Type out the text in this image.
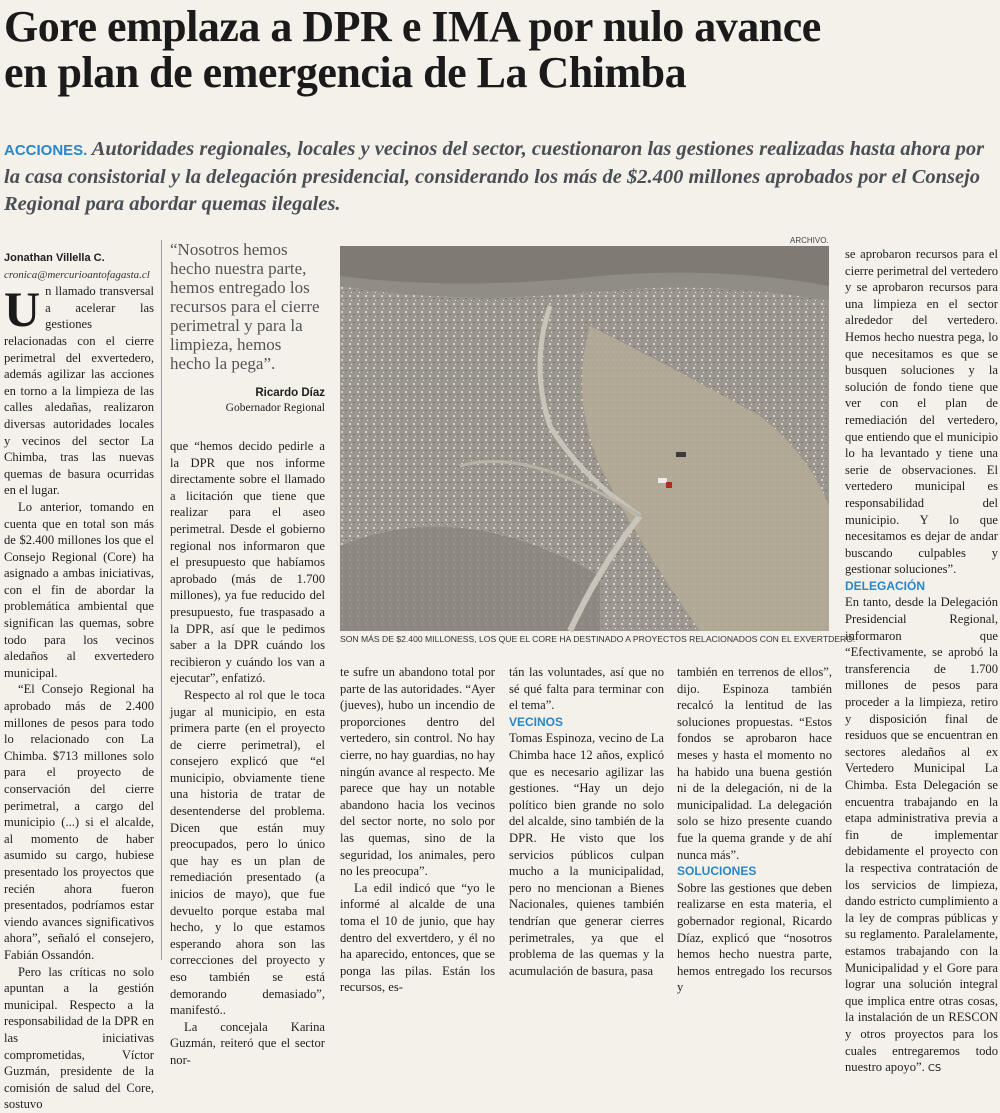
Gore emplaza a DPR e IMA por nulo avance
en plan de emergencia de La Chimba
ACCIONES. Autoridades regionales, locales y vecinos del sector, cuestionaron las gestiones realizadas hasta ahora por la casa consistorial y la delegación presidencial, considerando los más de $2.400 millones aprobados por el Consejo Regional para abordar quemas ilegales.

Jonathan Villella C.

cronica@mercurioantofagasta.cl

Un llamado transversal a acelerar las gestiones relacionadas con el cierre perimetral del exvertedero, además agilizar las acciones en torno a la limpieza de las calles aledañas, realizaron diversas autoridades locales y vecinos del sector La Chimba, tras las nuevas quemas de basura ocurridas en el lugar.

Lo anterior, tomando en cuenta que en total son más de $2.400 millones los que el Consejo Regional (Core) ha asignado a ambas iniciativas, con el fin de abordar la problemática ambiental que significan las quemas, sobre todo para los vecinos aledaños al exvertedero municipal.

“El Consejo Regional ha aprobado más de 2.400 millones de pesos para todo lo relacionado con La Chimba. $713 millones solo para el proyecto de conservación del cierre perimetral, a cargo del municipio (...) si el alcalde, al momento de haber asumido su cargo, hubiese presentado los proyectos que recién ahora fueron presentados, podríamos estar viendo avances significativos ahora”, señaló el consejero, Fabián Ossandón.

Pero las críticas no solo apuntan a la gestión municipal. Respecto a la responsabilidad de la DPR en las iniciativas comprometidas, Víctor Guzmán, presidente de la comisión de salud del Core, sostuvo

“Nosotros hemos hecho nuestra parte, hemos entregado los recursos para el cierre perimetral y para la limpieza, hemos hecho la pega”.
Ricardo Díaz
Gobernador Regional

que “hemos decido pedirle a la DPR que nos informe directamente sobre el llamado a licitación que tiene que realizar para el aseo perimetral. Desde el gobierno regional nos informaron que el presupuesto que habíamos aprobado (más de 1.700 millones), ya fue reducido del presupuesto, fue traspasado a la DPR, así que le pedimos saber a la DPR cuándo los recibieron y cuándo los van a ejecutar”, enfatizó.

Respecto al rol que le toca jugar al municipio, en esta primera parte (en el proyecto de cierre perimetral), el consejero explicó que “el municipio, obviamente tiene una historia de tratar de desentenderse del problema. Dicen que están muy preocupados, pero lo único que hay es un plan de remediación presentado (a inicios de mayo), que fue devuelto porque estaba mal hecho, y lo que estamos esperando ahora son las correcciones del proyecto y eso también se está demorando demasiado”, manifestó..

La concejala Karina Guzmán, reiteró que el sector nor-

ARCHIVO.
SON MÁS DE $2.400 MILLONESS, LOS QUE EL CORE HA DESTINADO A PROYECTOS RELACIONADOS CON EL EXVERTDERO.

te sufre un abandono total por parte de las autoridades. “Ayer (jueves), hubo un incendio de proporciones dentro del vertedero, sin control. No hay cierre, no hay guardias, no hay ningún avance al respecto. Me parece que hay un notable abandono hacia los vecinos del sector norte, no solo por las quemas, sino de la seguridad, los animales, pero no les preocupa”.

La edil indicó que “yo le informé al alcalde de una toma el 10 de junio, que hay dentro del exvertdero, y él no ha aparecido, entonces, que se ponga las pilas. Están los recursos, es-

tán las voluntades, así que no sé qué falta para terminar con el tema”.

VECINOS

Tomas Espinoza, vecino de La Chimba hace 12 años, explicó que es necesario agilizar las gestiones. “Hay un dejo político bien grande no solo del alcalde, sino también de la DPR. He visto que los servicios públicos culpan mucho a la municipalidad, pero no mencionan a Bienes Nacionales, quienes también tendrían que generar cierres perimetrales, ya que el problema de las quemas y la acumulación de basura, pasa

también en terrenos de ellos”, dijo. Espinoza también recalcó la lentitud de las soluciones propuestas. “Estos fondos se aprobaron hace meses y hasta el momento no ha habido una buena gestión ni de la delegación, ni de la municipalidad. La delegación solo se hizo presente cuando fue la quema grande y de ahí nunca más”.

SOLUCIONES

Sobre las gestiones que deben realizarse en esta materia, el gobernador regional, Ricardo Díaz, explicó que “nosotros hemos hecho nuestra parte, hemos entregado los recursos y

se aprobaron recursos para el cierre perimetral del vertedero y se aprobaron recursos para una limpieza en el sector alrededor del vertedero. Hemos hecho nuestra pega, lo que necesitamos es que se busquen soluciones y la solución de fondo tiene que ver con el plan de remediación del vertedero, que entiendo que el municipio lo ha levantado y tiene una serie de observaciones. El vertedero municipal es responsabilidad del municipio. Y lo que necesitamos es dejar de andar buscando culpables y gestionar soluciones”.

DELEGACIÓN

En tanto, desde la Delegación Presidencial Regional, informaron que “Efectivamente, se aprobó la transferencia de 1.700 millones de pesos para proceder a la limpieza, retiro y disposición final de residuos que se encuentran en sectores aledaños al ex Vertedero Municipal La Chimba. Esta Delegación se encuentra trabajando en la etapa administrativa previa a fin de implementar debidamente el proyecto con la respectiva contratación de los servicios de limpieza, dando estricto cumplimiento a la ley de compras públicas y su reglamento. Paralelamente, estamos trabajando con la Municipalidad y el Gore para lograr una solución integral que implica entre otras cosas, la instalación de un RESCON y otros proyectos para los cuales entregaremos todo nuestro apoyo”. CS
